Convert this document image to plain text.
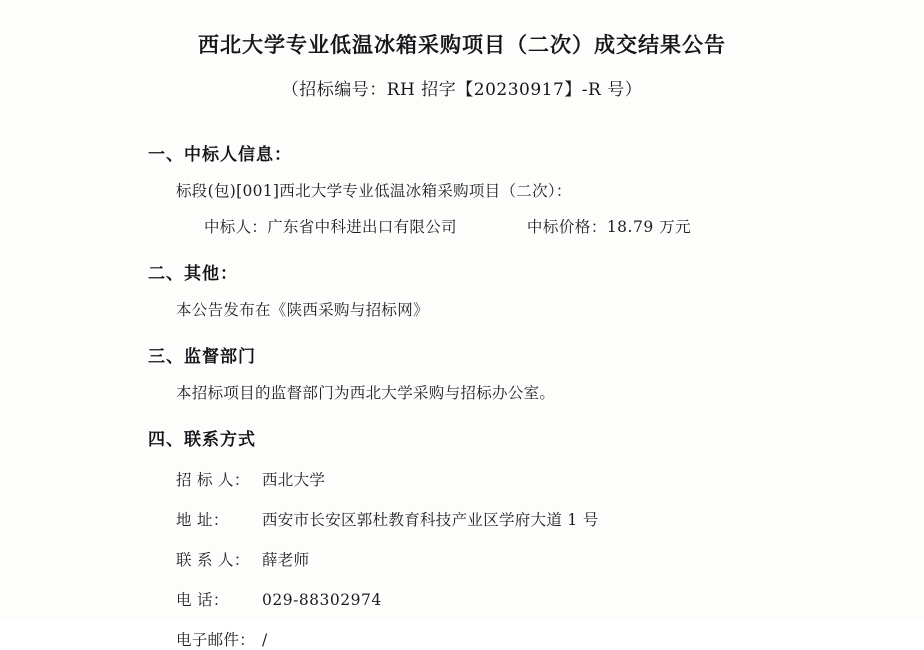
西北大学专业低温冰箱采购项目（二次）成交结果公告
（招标编号：RH 招字【20230917】-R 号）
一、中标人信息：
标段(包)[001]西北大学专业低温冰箱采购项目（二次）：
中标人：广东省中科进出口有限公司	中标价格：18.79 万元
二、其他：
本公告发布在《陕西采购与招标网》
三、监督部门
本招标项目的监督部门为西北大学采购与招标办公室。
四、联系方式
招 标 人： 西北大学
地 址：	西安市长安区郭杜教育科技产业区学府大道 1 号
联 系 人： 薛老师
电 话：	029-88302974
电子邮件： /
